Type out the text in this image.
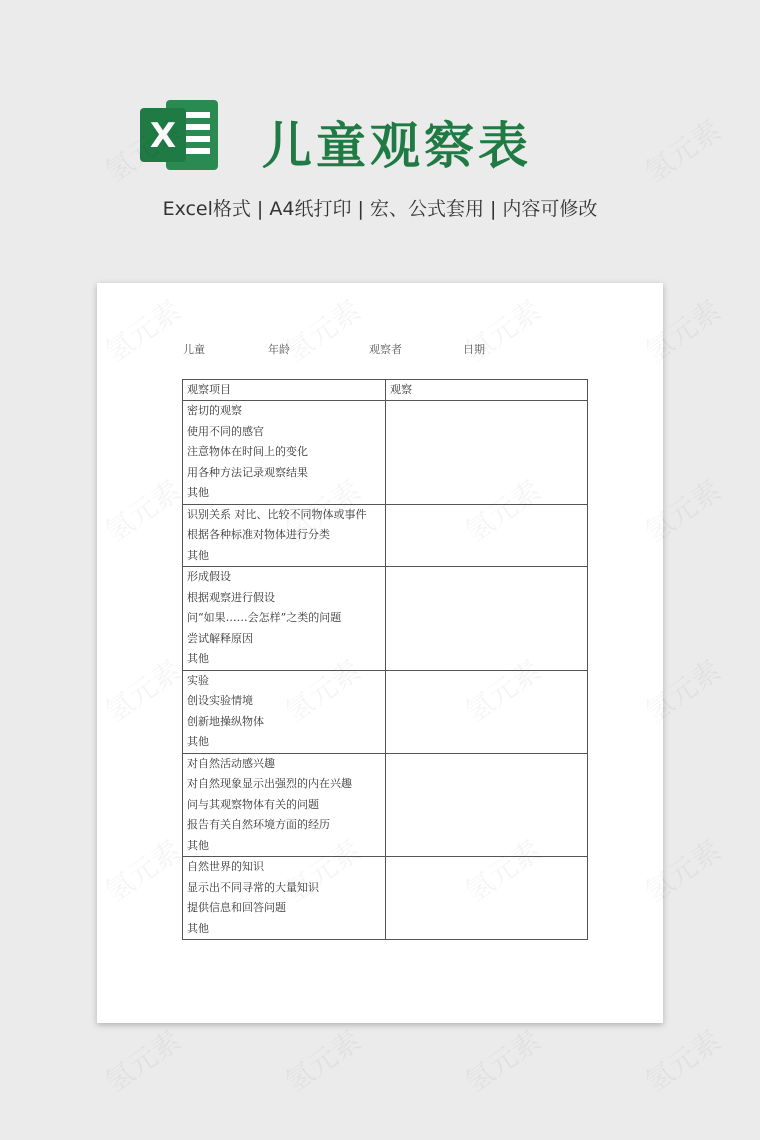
X 儿童观察表
Excel格式 | A4纸打印 | 宏、公式套用 | 内容可修改
儿童	年龄	观察者	日期
观察项目	观察

密切的观察
使用不同的感官
注意物体在时间上的变化
用各种方法记录观察结果
其他	

识别关系 对比、比较不同物体或事件
根据各种标准对物体进行分类
其他	

形成假设
根据观察进行假设
问“如果……会怎样”之类的问题
尝试解释原因
其他	

实验
创设实验情境
创新地操纵物体
其他	

对自然活动感兴趣
对自然现象显示出强烈的内在兴趣
问与其观察物体有关的问题
报告有关自然环境方面的经历
其他	

自然世界的知识
显示出不同寻常的大量知识
提供信息和回答问题
其他	
